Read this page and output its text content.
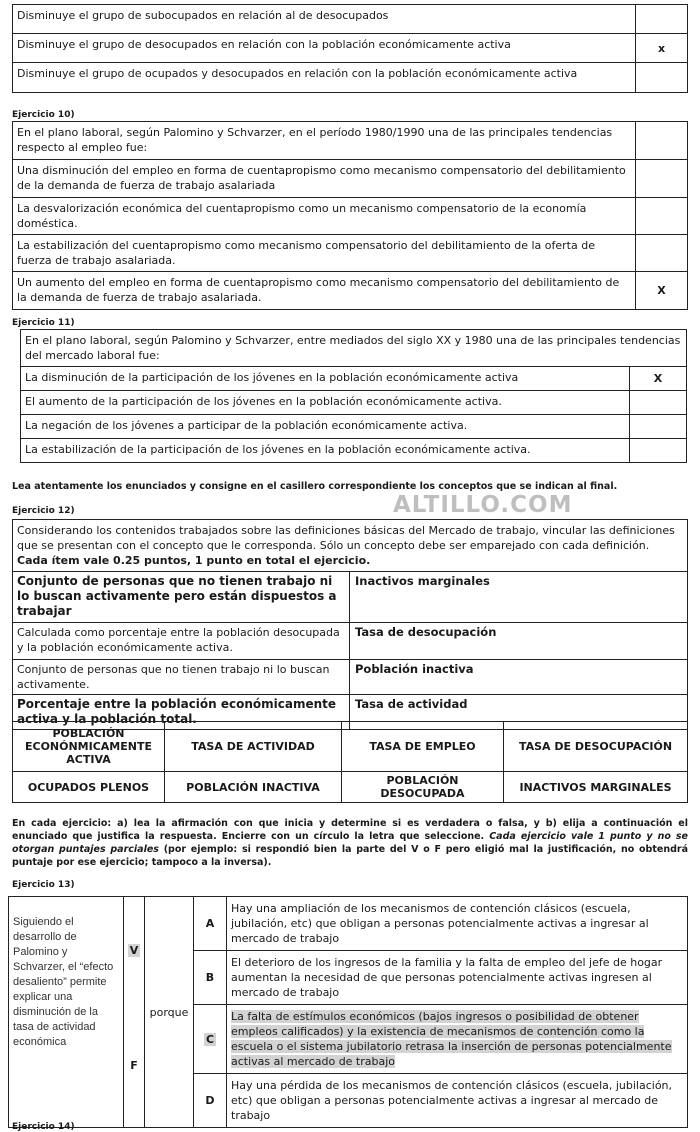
Disminuye el grupo de subocupados en relación al de desocupados	
Disminuye el grupo de desocupados en relación con la población económicamente activa	x
Disminuye el grupo de ocupados y desocupados en relación con la población económicamente activa	
Ejercicio 10)
En el plano laboral, según Palomino y Schvarzer, en el período 1980/1990 una de las principales tendencias respecto al empleo fue:	
Una disminución del empleo en forma de cuentapropismo como mecanismo compensatorio del debilitamiento de la demanda de fuerza de trabajo asalariada	
La desvalorización económica del cuentapropismo como un mecanismo compensatorio de la economía doméstica.	
La estabilización del cuentapropismo como mecanismo compensatorio del debilitamiento de la oferta de fuerza de trabajo asalariada.	
Un aumento del empleo en forma de cuentapropismo como mecanismo compensatorio del debilitamiento de la demanda de fuerza de trabajo asalariada.	X
Ejercicio 11)
En el plano laboral, según Palomino y Schvarzer, entre mediados del siglo XX y 1980 una de las principales tendencias del mercado laboral fue:	
La disminución de la participación de los jóvenes en la población económicamente activa	X
El aumento de la participación de los jóvenes en la población económicamente activa.	
La negación de los jóvenes a participar de la población económicamente activa.	
La estabilización de la participación de los jóvenes en la población económicamente activa.	
Lea atentamente los enunciados y consigne en el casillero correspondiente los conceptos que se indican al final.
ALTILLO.COM
Ejercicio 12)
Considerando los contenidos trabajados sobre las definiciones básicas del Mercado de trabajo, vincular las definiciones que se presentan con el concepto que le corresponda. Sólo un concepto debe ser emparejado con cada definición. Cada ítem vale 0.25 puntos, 1 punto en total el ejercicio.	
Conjunto de personas que no tienen trabajo ni lo buscan activamente pero están dispuestos a trabajar	Inactivos marginales
Calculada como porcentaje entre la población desocupada y la población económicamente activa.	Tasa de desocupación
Conjunto de personas que no tienen trabajo ni lo buscan activamente.	Población inactiva
Porcentaje entre la población económicamente activa y la población total.	Tasa de actividad
POBLACIÓN ECONÓNMICAMENTE ACTIVA	TASA DE ACTIVIDAD	TASA DE EMPLEO	TASA DE DESOCUPACIÓN
OCUPADOS PLENOS	POBLACIÓN INACTIVA	POBLACIÓN DESOCUPADA	INACTIVOS MARGINALES
En cada ejercicio: a) lea la afirmación con que inicia y determine si es verdadera o falsa, y b) elija a continuación el enunciado que justifica la respuesta. Encierre con un círculo la letra que seleccione. Cada ejercicio vale 1 punto y no se otorgan puntajes parciales (por ejemplo: si respondió bien la parte del V o F pero eligió mal la justificación, no obtendrá puntaje por ese ejercicio; tampoco a la inversa).
Ejercicio 13)
Siguiendo el desarrollo de Palomino y Schvarzer, el “efecto desaliento” permite explicar una disminución de la tasa de actividad económica	V	porque	A	Hay una ampliación de los mecanismos de contención clásicos (escuela, jubilación, etc) que obligan a personas potencialmente activas a ingresar al mercado de trabajo
			B	El deterioro de los ingresos de la familia y la falta de empleo del jefe de hogar aumentan la necesidad de que personas potencialmente activas ingresen al mercado de trabajo
	F		C	La falta de estímulos económicos (bajos ingresos o posibilidad de obtener empleos calificados) y la existencia de mecanismos de contención como la escuela o el sistema jubilatorio retrasa la inserción de personas potencialmente activas al mercado de trabajo
			D	Hay una pérdida de los mecanismos de contención clásicos (escuela, jubilación, etc) que obligan a personas potencialmente activas a ingresar al mercado de trabajo
Ejercicio 14)
